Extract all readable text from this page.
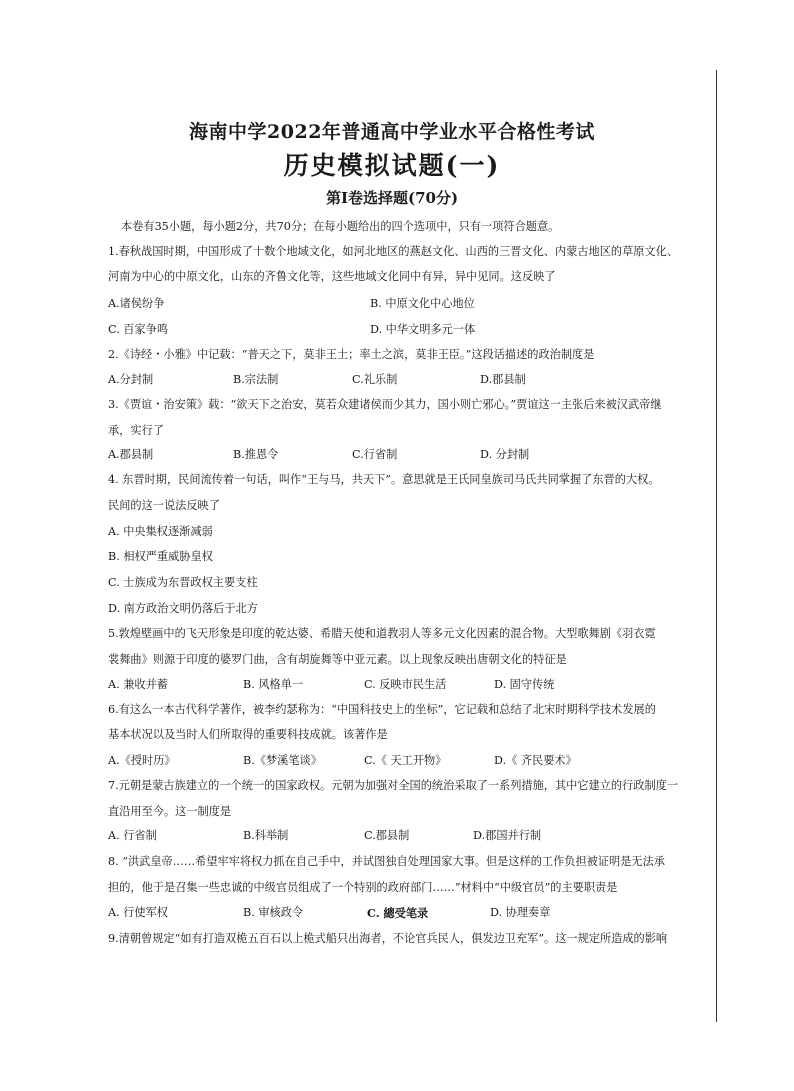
海南中学2022年普通高中学业水平合格性考试
历史模拟试题(一)
第Ⅰ卷选择题(70分)
本卷有35小题，每小题2分，共70分；在每小题给出的四个选项中，只有一项符合题意。
1.春秋战国时期，中国形成了十数个地域文化，如河北地区的燕赵文化、山西的三晋文化、内蒙古地区的草原文化、
河南为中心的中原文化，山东的齐鲁文化等，这些地域文化同中有异，异中见同。这反映了
A.诸侯纷争	B. 中原文化中心地位
C. 百家争鸣	D. 中华文明多元一体
2.《诗经・小雅》中记载：“普天之下，莫非王土；率土之滨，莫非王臣。”这段话描述的政治制度是
A.分封制	B.宗法制	C.礼乐制	D.郡县制
3.《贾谊・治安策》载：“欲天下之治安，莫若众建诸侯而少其力，国小则亡邪心。”贾谊这一主张后来被汉武帝继
承，实行了
A.郡县制	B.推恩令	C.行省制	D. 分封制
4. 东晋时期，民间流传着一句话，叫作“王与马，共天下”。意思就是王氏同皇族司马氏共同掌握了东晋的大权。
民间的这一说法反映了
A. 中央集权逐渐减弱
B. 相权严重威胁皇权
C. 士族成为东晋政权主要支柱
D. 南方政治文明仍落后于北方
5.敦煌壁画中的飞天形象是印度的乾达婆、希腊天使和道教羽人等多元文化因素的混合物。大型歌舞剧《羽衣霓
裳舞曲》则源于印度的婆罗门曲，含有胡旋舞等中亚元素。以上现象反映出唐朝文化的特征是
A. 兼收并蓄	B. 风格单一	C. 反映市民生活	D. 固守传统
6.有这么一本古代科学著作，被李约瑟称为：“中国科技史上的坐标”，它记载和总结了北宋时期科学技术发展的
基本状况以及当时人们所取得的重要科技成就。该著作是
A.《授时历》	B.《梦溪笔谈》	C.《 天工开物》	D.《 齐民要术》
7.元朝是蒙古族建立的一个统一的国家政权。元朝为加强对全国的统治采取了一系列措施，其中它建立的行政制度一
直沿用至今。这一制度是
A. 行省制	B.科举制	C.郡县制	D.郡国并行制
8. “洪武皇帝……希望牢牢将权力抓在自己手中，并试图独自处理国家大事。但是这样的工作负担被证明是无法承
担的，他于是召集一些忠诚的中级官员组成了一个特别的政府部门……”材料中“中级官员”的主要职责是
A. 行使军权	B. 审核政令	C. 總受笔录	D. 协理奏章
9.清朝曾规定“如有打造双桅五百石以上桅式船只出海者，不论官兵民人，俱发边卫充军”。这一规定所造成的影响
